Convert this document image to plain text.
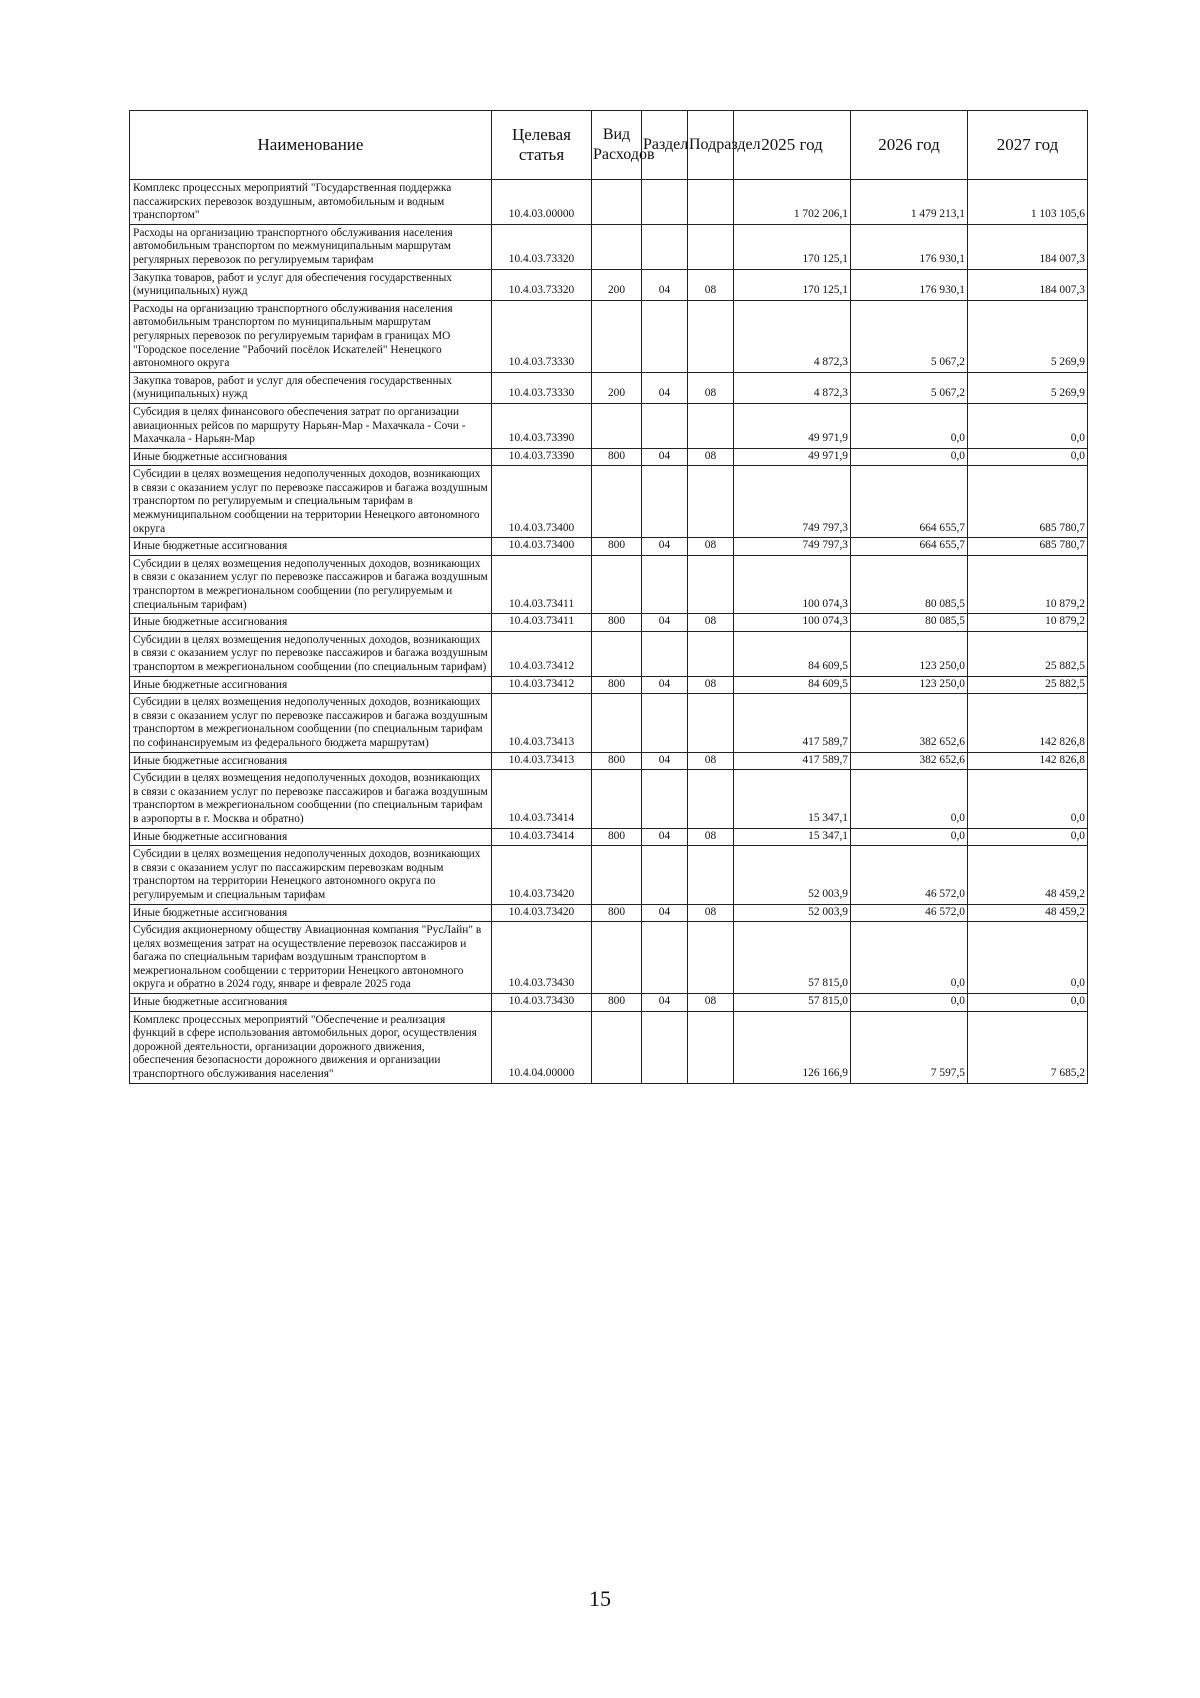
Наименование	Целевая статья	Вид Расходов	Раздел	Подраздел	2025 год	2026 год	2027 год
Комплекс процессных мероприятий "Государственная поддержка пассажирских перевозок воздушным, автомобильным и водным транспортом"	10.4.03.00000				1 702 206,1	1 479 213,1	1 103 105,6
Расходы на организацию транспортного обслуживания населения автомобильным транспортом по межмуниципальным маршрутам регулярных перевозок по регулируемым тарифам	10.4.03.73320				170 125,1	176 930,1	184 007,3
Закупка товаров, работ и услуг для обеспечения государственных (муниципальных) нужд	10.4.03.73320	200	04	08	170 125,1	176 930,1	184 007,3
Расходы на организацию транспортного обслуживания населения автомобильным транспортом по муниципальным маршрутам регулярных перевозок по регулируемым тарифам в границах МО "Городское поселение "Рабочий посёлок Искателей" Ненецкого автономного округа	10.4.03.73330				4 872,3	5 067,2	5 269,9
Закупка товаров, работ и услуг для обеспечения государственных (муниципальных) нужд	10.4.03.73330	200	04	08	4 872,3	5 067,2	5 269,9
Субсидия в целях финансового обеспечения затрат по организации авиационных рейсов по маршруту Нарьян-Мар - Махачкала - Сочи - Махачкала - Нарьян-Мар	10.4.03.73390				49 971,9	0,0	0,0
Иные бюджетные ассигнования	10.4.03.73390	800	04	08	49 971,9	0,0	0,0
Субсидии в целях возмещения недополученных доходов, возникающих в связи с оказанием услуг по перевозке пассажиров и багажа воздушным транспортом по регулируемым и специальным тарифам в межмуниципальном сообщении на территории Ненецкого автономного округа	10.4.03.73400				749 797,3	664 655,7	685 780,7
Иные бюджетные ассигнования	10.4.03.73400	800	04	08	749 797,3	664 655,7	685 780,7
Субсидии в целях возмещения недополученных доходов, возникающих в связи с оказанием услуг по перевозке пассажиров и багажа воздушным транспортом в межрегиональном сообщении (по регулируемым и специальным тарифам)	10.4.03.73411				100 074,3	80 085,5	10 879,2
Иные бюджетные ассигнования	10.4.03.73411	800	04	08	100 074,3	80 085,5	10 879,2
Субсидии в целях возмещения недополученных доходов, возникающих в связи с оказанием услуг по перевозке пассажиров и багажа воздушным транспортом в межрегиональном сообщении (по специальным тарифам)	10.4.03.73412				84 609,5	123 250,0	25 882,5
Иные бюджетные ассигнования	10.4.03.73412	800	04	08	84 609,5	123 250,0	25 882,5
Субсидии в целях возмещения недополученных доходов, возникающих в связи с оказанием услуг по перевозке пассажиров и багажа воздушным транспортом в межрегиональном сообщении (по специальным тарифам по софинансируемым из федерального бюджета маршрутам)	10.4.03.73413				417 589,7	382 652,6	142 826,8
Иные бюджетные ассигнования	10.4.03.73413	800	04	08	417 589,7	382 652,6	142 826,8
Субсидии в целях возмещения недополученных доходов, возникающих в связи с оказанием услуг по перевозке пассажиров и багажа воздушным транспортом в межрегиональном сообщении (по специальным тарифам в аэропорты в г. Москва и обратно)	10.4.03.73414				15 347,1	0,0	0,0
Иные бюджетные ассигнования	10.4.03.73414	800	04	08	15 347,1	0,0	0,0
Субсидии в целях возмещения недополученных доходов, возникающих в связи с оказанием услуг по пассажирским перевозкам водным транспортом на территории Ненецкого автономного округа по регулируемым и специальным тарифам	10.4.03.73420				52 003,9	46 572,0	48 459,2
Иные бюджетные ассигнования	10.4.03.73420	800	04	08	52 003,9	46 572,0	48 459,2
Субсидия акционерному обществу Авиационная компания "РусЛайн" в целях возмещения затрат на осуществление перевозок пассажиров и багажа по специальным тарифам воздушным транспортом в межрегиональном сообщении с территории Ненецкого автономного округа и обратно в 2024 году, январе и феврале 2025 года	10.4.03.73430				57 815,0	0,0	0,0
Иные бюджетные ассигнования	10.4.03.73430	800	04	08	57 815,0	0,0	0,0
Комплекс процессных мероприятий "Обеспечение и реализация функций в сфере использования автомобильных дорог, осуществления дорожной деятельности, организации дорожного движения, обеспечения безопасности дорожного движения и организации транспортного обслуживания населения"	10.4.04.00000				126 166,9	7 597,5	7 685,2
15
